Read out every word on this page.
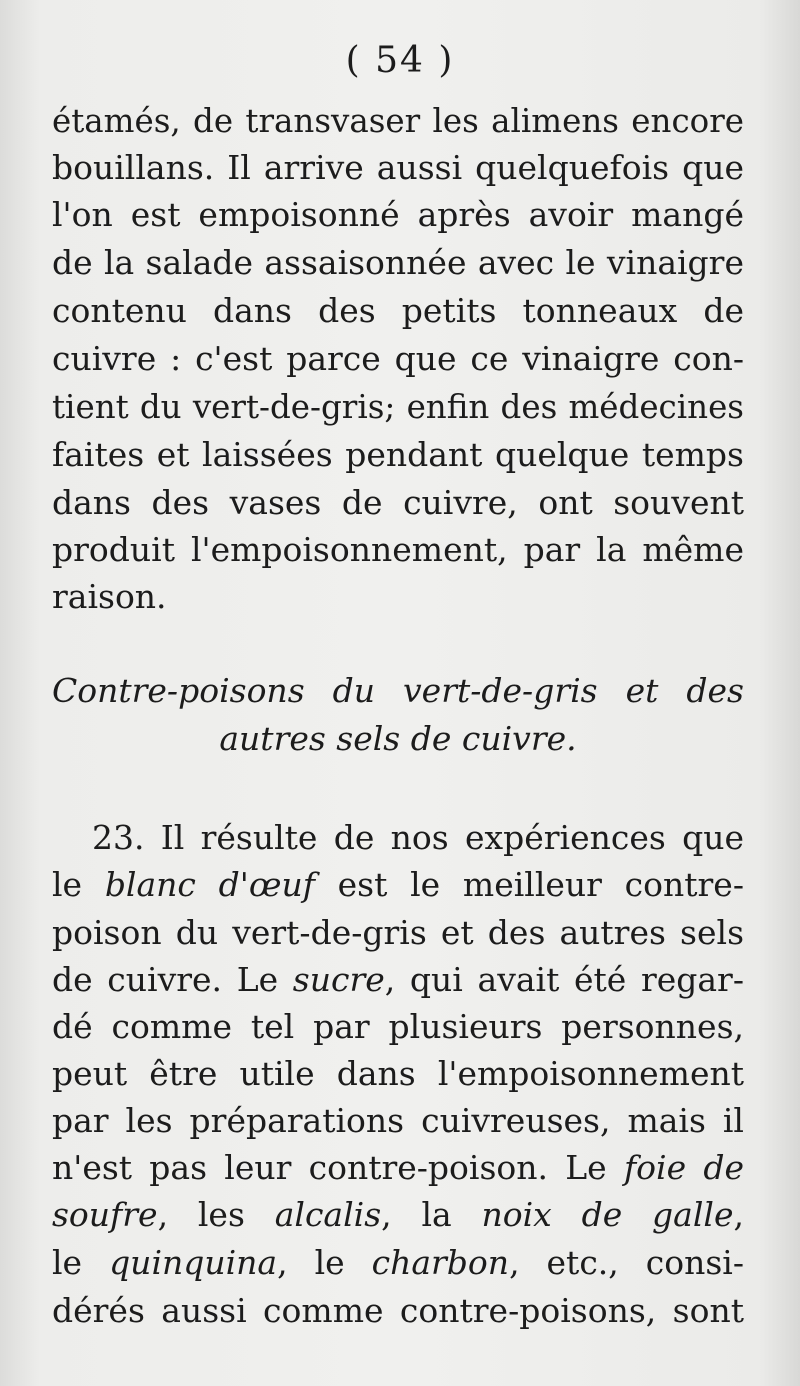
( 54 )
étamés, de transvaser les alimens encore
bouillans. Il arrive aussi quelquefois que
l'on est empoisonné après avoir mangé
de la salade assaisonnée avec le vinaigre
contenu dans des petits tonneaux de
cuivre : c'est parce que ce vinaigre con-
tient du vert-de-gris; enfin des médecines
faites et laissées pendant quelque temps
dans des vases de cuivre, ont souvent
produit l'empoisonnement, par la même
raison.
Contre-poisons du vert-de-gris et des
autres sels de cuivre.
23. Il résulte de nos expériences que
le blanc d'œuf est le meilleur contre-
poison du vert-de-gris et des autres sels
de cuivre. Le sucre, qui avait été regar-
dé comme tel par plusieurs personnes,
peut être utile dans l'empoisonnement
par les préparations cuivreuses, mais il
n'est pas leur contre-poison. Le foie de
soufre, les alcalis, la noix de galle,
le quinquina, le charbon, etc., consi-
dérés aussi comme contre-poisons, sont
